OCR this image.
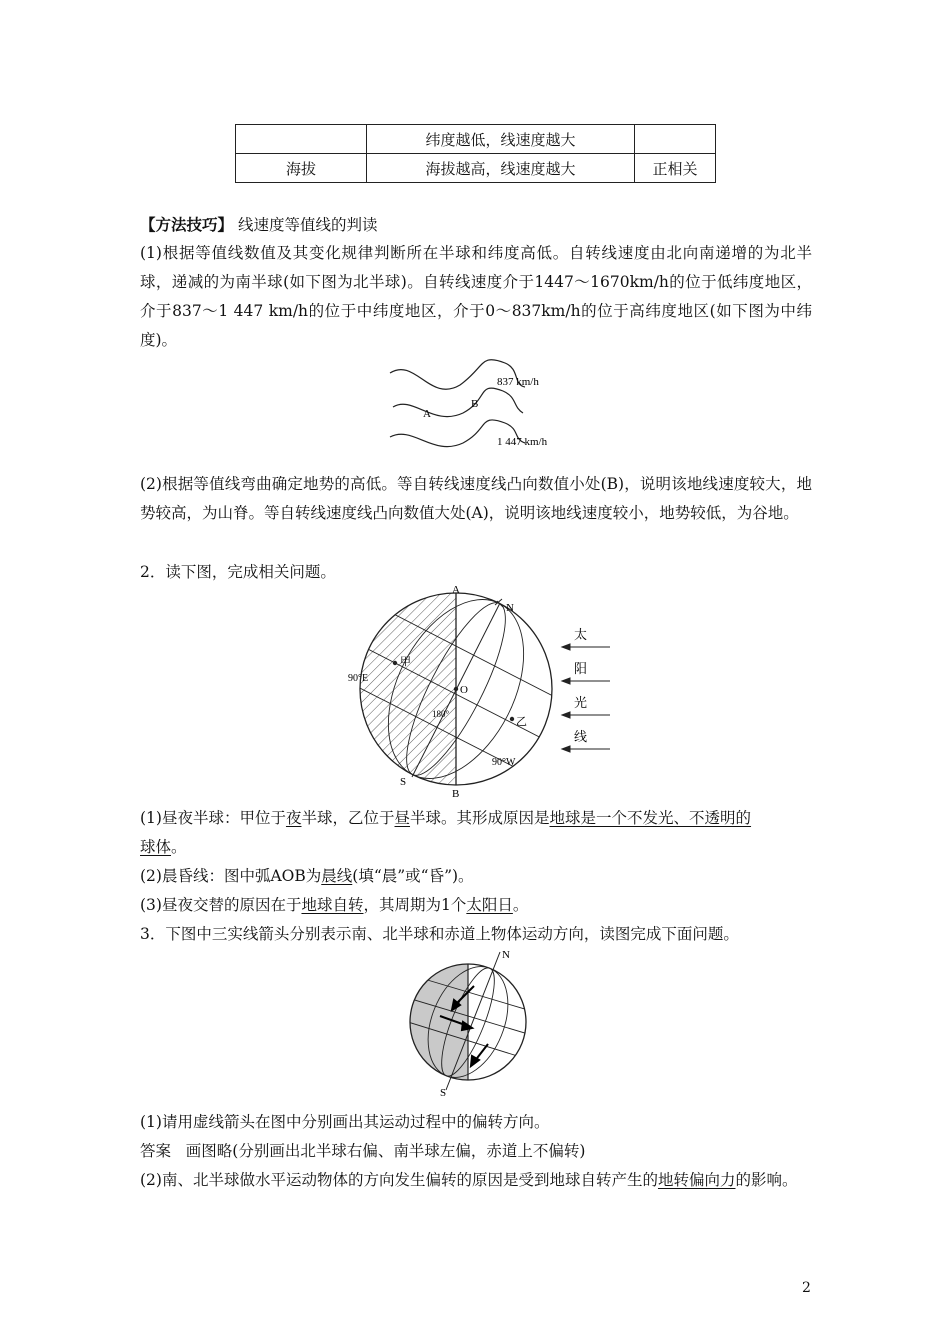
	纬度越低，线速度越大	
海拔	海拔越高，线速度越大	正相关
【方法技巧】 线速度等值线的判读
(1)根据等值线数值及其变化规律判断所在半球和纬度高低。自转线速度由北向南递增的为北半球，递减的为南半球(如下图为北半球)。自转线速度介于1447～1670km/h的位于低纬度地区，介于837～1 447 km/h的位于中纬度地区，介于0～837km/h的位于高纬度地区(如下图为中纬度)。
837 km/h
1 447 km/h
A
B
(2)根据等值线弯曲确定地势的高低。等自转线速度线凸向数值小处(B)，说明该地线速度较大，地势较高，为山脊。等自转线速度线凸向数值大处(A)，说明该地线速度较小，地势较低，为谷地。
2．读下图，完成相关问题。
A
B
N
S
O
甲
乙
90°E
90°W
180°
太
阳
光
线
(1)昼夜半球：甲位于夜半球，乙位于昼半球。其形成原因是地球是一个不发光、不透明的
球体。
(2)晨昏线：图中弧AOB为晨线(填“晨”或“昏”)。
(3)昼夜交替的原因在于地球自转，其周期为1个太阳日。
3．下图中三实线箭头分别表示南、北半球和赤道上物体运动方向，读图完成下面问题。
N
S
(1)请用虚线箭头在图中分别画出其运动过程中的偏转方向。
答案 画图略(分别画出北半球右偏、南半球左偏，赤道上不偏转)
(2)南、北半球做水平运动物体的方向发生偏转的原因是受到地球自转产生的地转偏向力的影响。
2
